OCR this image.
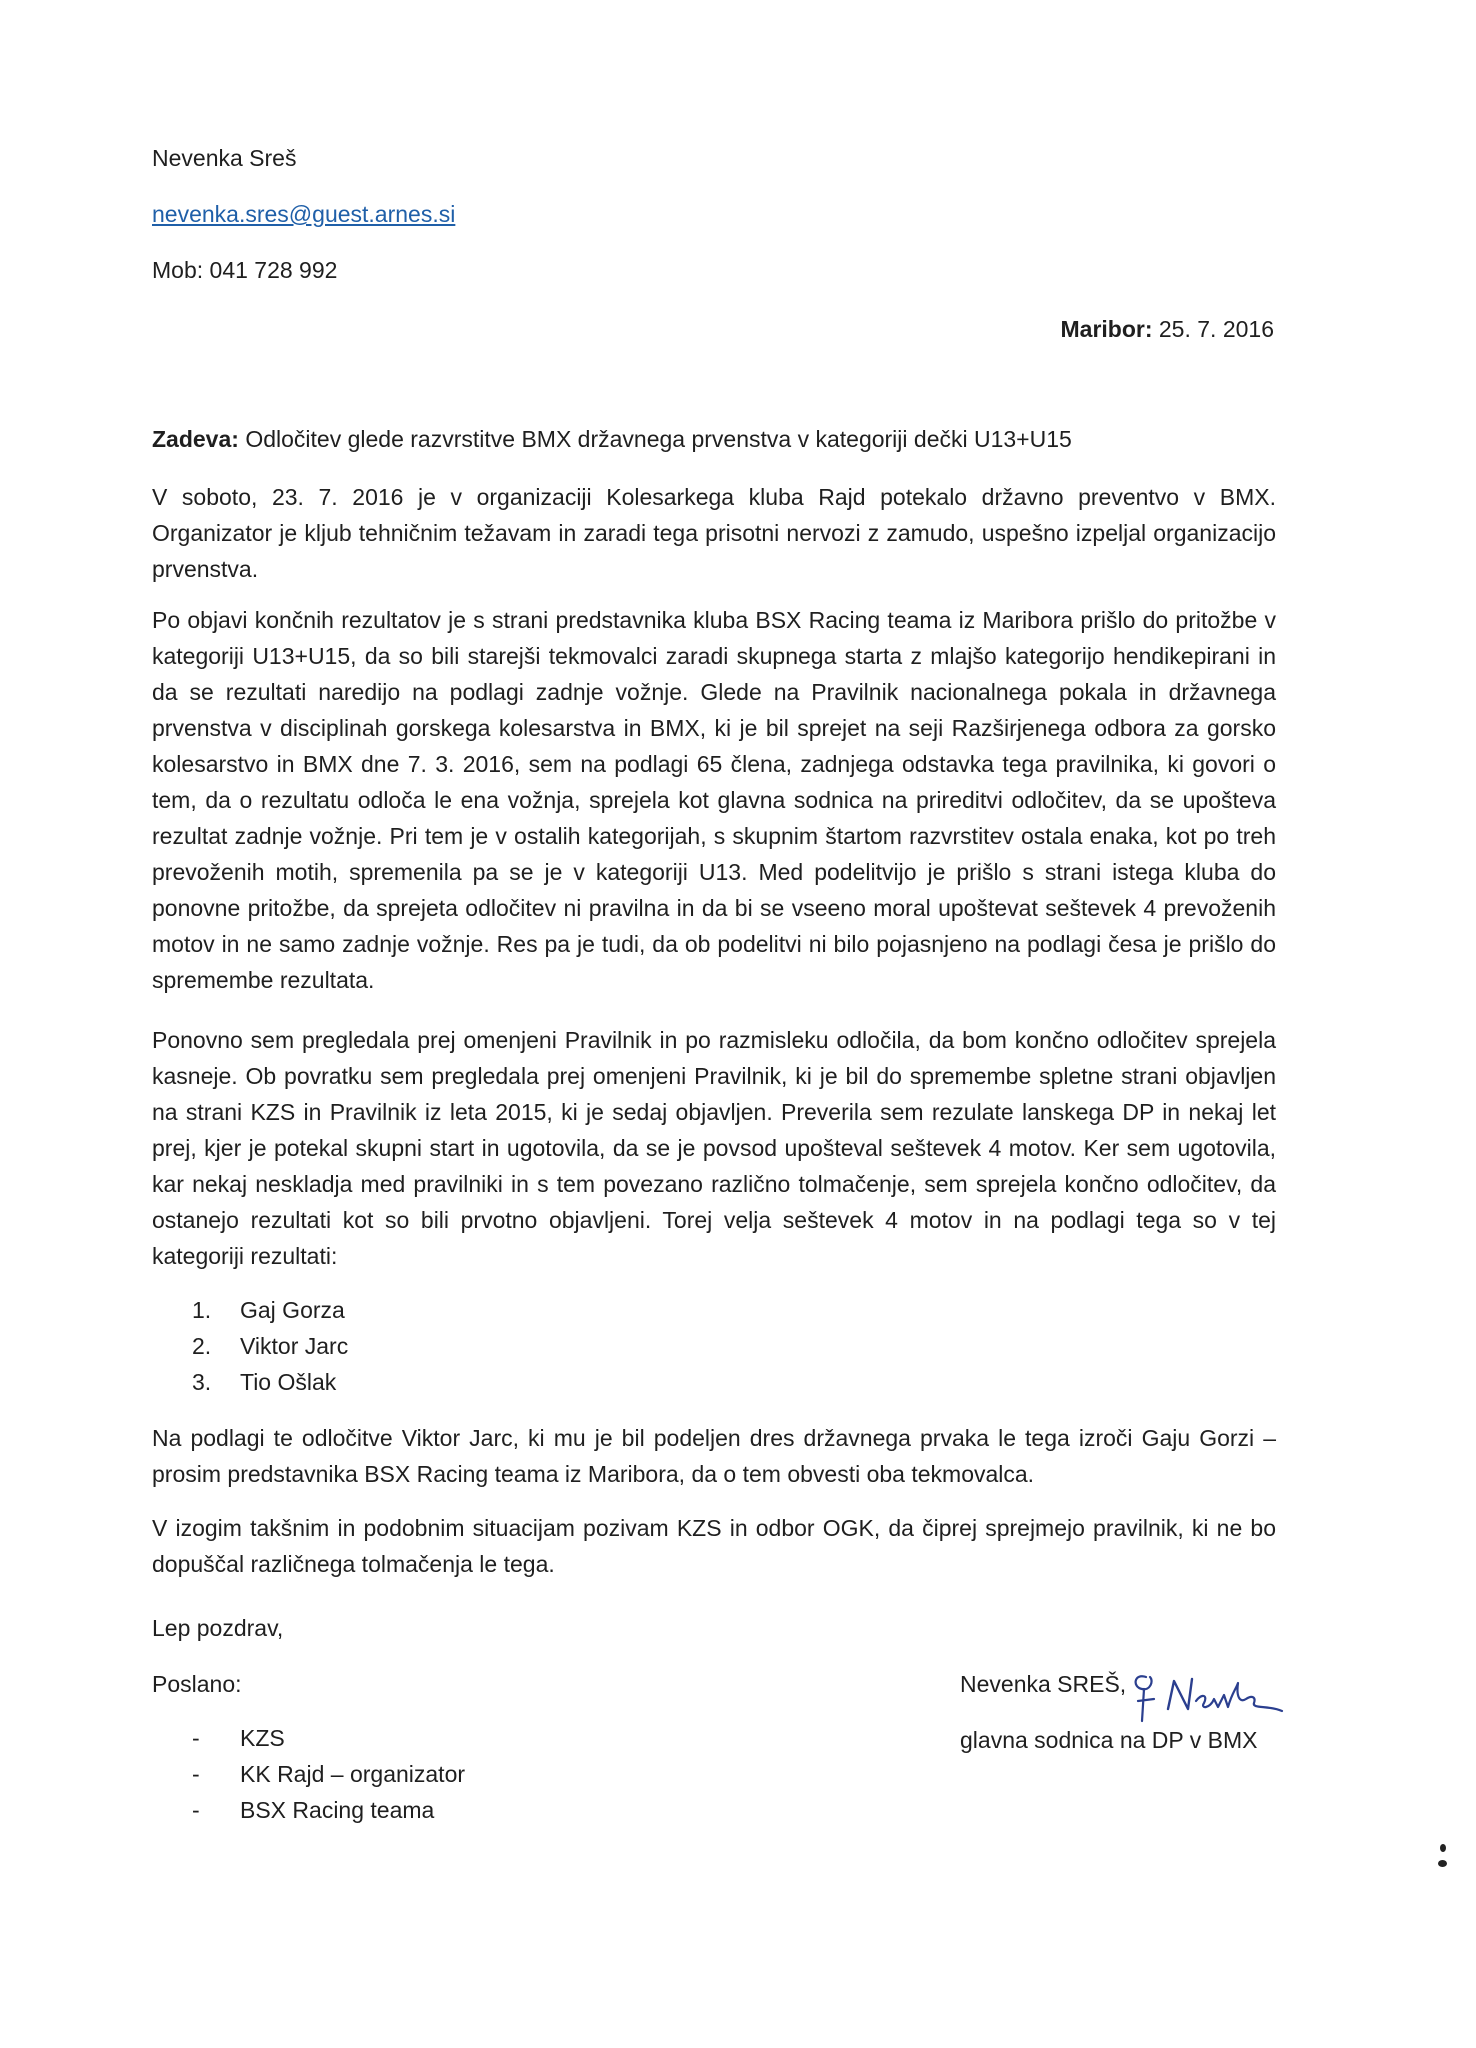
Nevenka Sreš
nevenka.sres@guest.arnes.si
Mob: 041 728 992
Maribor: 25. 7. 2016
Zadeva: Odločitev glede razvrstitve BMX državnega prvenstva v kategoriji dečki U13+U15
V soboto, 23. 7. 2016 je v organizaciji Kolesarkega kluba Rajd potekalo državno preventvo v BMX. Organizator je kljub tehničnim težavam in zaradi tega prisotni nervozi z zamudo, uspešno izpeljal organizacijo prvenstva.
Po objavi končnih rezultatov je s strani predstavnika kluba BSX Racing teama iz Maribora prišlo do pritožbe v kategoriji U13+U15, da so bili starejši tekmovalci zaradi skupnega starta z mlajšo kategorijo hendikepirani in da se rezultati naredijo na podlagi zadnje vožnje. Glede na Pravilnik nacionalnega pokala in državnega prvenstva v disciplinah gorskega kolesarstva in BMX, ki je bil sprejet na seji Razširjenega odbora za gorsko kolesarstvo in BMX dne 7. 3. 2016, sem na podlagi 65 člena, zadnjega odstavka tega pravilnika, ki govori o tem, da o rezultatu odloča le ena vožnja, sprejela kot glavna sodnica na prireditvi odločitev, da se upošteva rezultat zadnje vožnje. Pri tem je v ostalih kategorijah, s skupnim štartom razvrstitev ostala enaka, kot po treh prevoženih motih, spremenila pa se je v kategoriji U13. Med podelitvijo je prišlo s strani istega kluba do ponovne pritožbe, da sprejeta odločitev ni pravilna in da bi se vseeno moral upoštevat seštevek 4 prevoženih motov in ne samo zadnje vožnje. Res pa je tudi, da ob podelitvi ni bilo pojasnjeno na podlagi česa je prišlo do spremembe rezultata.
Ponovno sem pregledala prej omenjeni Pravilnik in po razmisleku odločila, da bom končno odločitev sprejela kasneje. Ob povratku sem pregledala prej omenjeni Pravilnik, ki je bil do spremembe spletne strani objavljen na strani KZS in Pravilnik iz leta 2015, ki je sedaj objavljen. Preverila sem rezulate lanskega DP in nekaj let prej, kjer je potekal skupni start in ugotovila, da se je povsod upošteval seštevek 4 motov. Ker sem ugotovila, kar nekaj neskladja med pravilniki in s tem povezano različno tolmačenje, sem sprejela končno odločitev, da ostanejo rezultati kot so bili prvotno objavljeni. Torej velja seštevek 4 motov in na podlagi tega so v tej kategoriji rezultati:
1. Gaj Gorza
2. Viktor Jarc
3. Tio Ošlak
Na podlagi te odločitve Viktor Jarc, ki mu je bil podeljen dres državnega prvaka le tega izroči Gaju Gorzi – prosim predstavnika BSX Racing teama iz Maribora, da o tem obvesti oba tekmovalca.
V izogim takšnim in podobnim situacijam pozivam KZS in odbor OGK, da čiprej sprejmejo pravilnik, ki ne bo dopuščal različnega tolmačenja le tega.
Lep pozdrav,
Poslano:
- KZS
- KK Rajd – organizator
- BSX Racing teama
Nevenka SREŠ,
glavna sodnica na DP v BMX
